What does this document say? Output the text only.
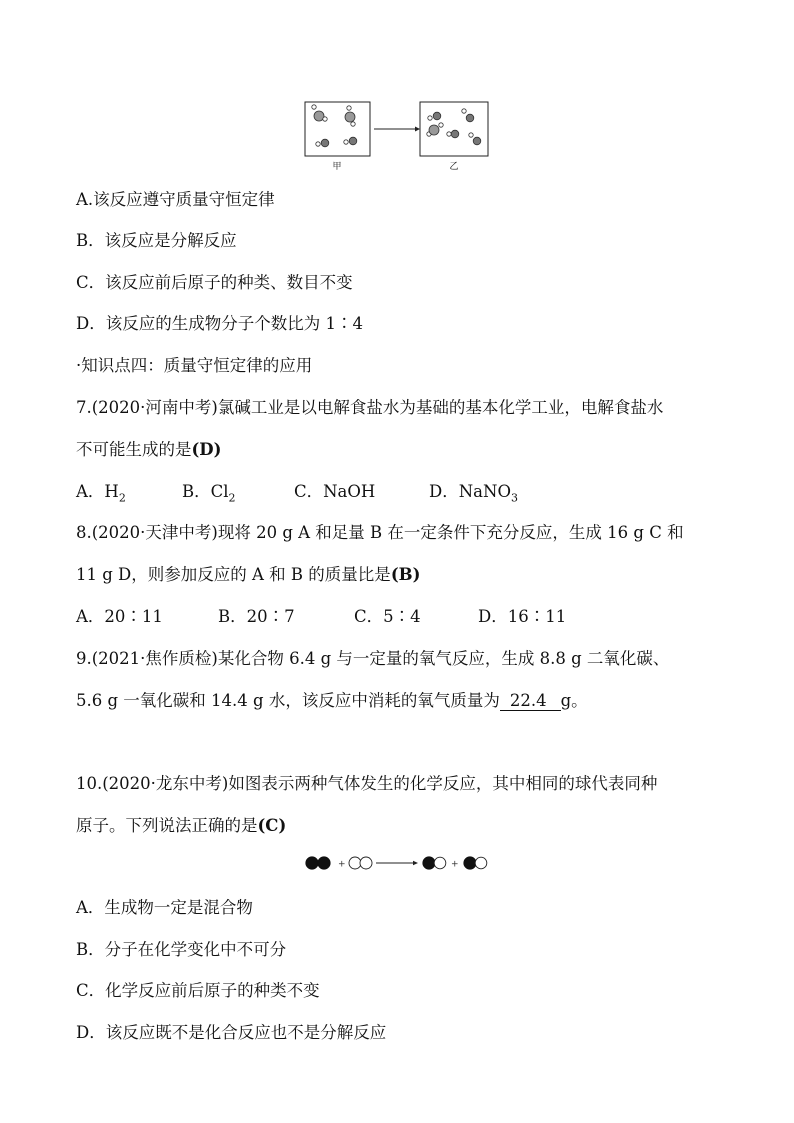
甲	乙
A.该反应遵守质量守恒定律
B．该反应是分解反应
C．该反应前后原子的种类、数目不变
D．该反应的生成物分子个数比为 1∶4
·知识点四：质量守恒定律的应用
7.(2020·河南中考)氯碱工业是以电解食盐水为基础的基本化学工业，电解食盐水
不可能生成的是(D)
A．$H_2$	B．$Cl_2$	C．NaOH	D．NaNO$_3$
8.(2020·天津中考)现将 20 g A 和足量 B 在一定条件下充分反应，生成 16 g C 和
11 g D，则参加反应的 A 和 B 的质量比是(B)
A．20∶11	B．20∶7	C．5∶4	D．16∶11
9.(2021·焦作质检)某化合物 6.4 g 与一定量的氧气反应，生成 8.8 g 二氧化碳、
5.6 g 一氧化碳和 14.4 g 水，该反应中消耗的氧气质量为 22.4 g。
10.(2020·龙东中考)如图表示两种气体发生的化学反应，其中相同的球代表同种
原子。下列说法正确的是(C)
+	+
A．生成物一定是混合物
B．分子在化学变化中不可分
C．化学反应前后原子的种类不变
D．该反应既不是化合反应也不是分解反应
